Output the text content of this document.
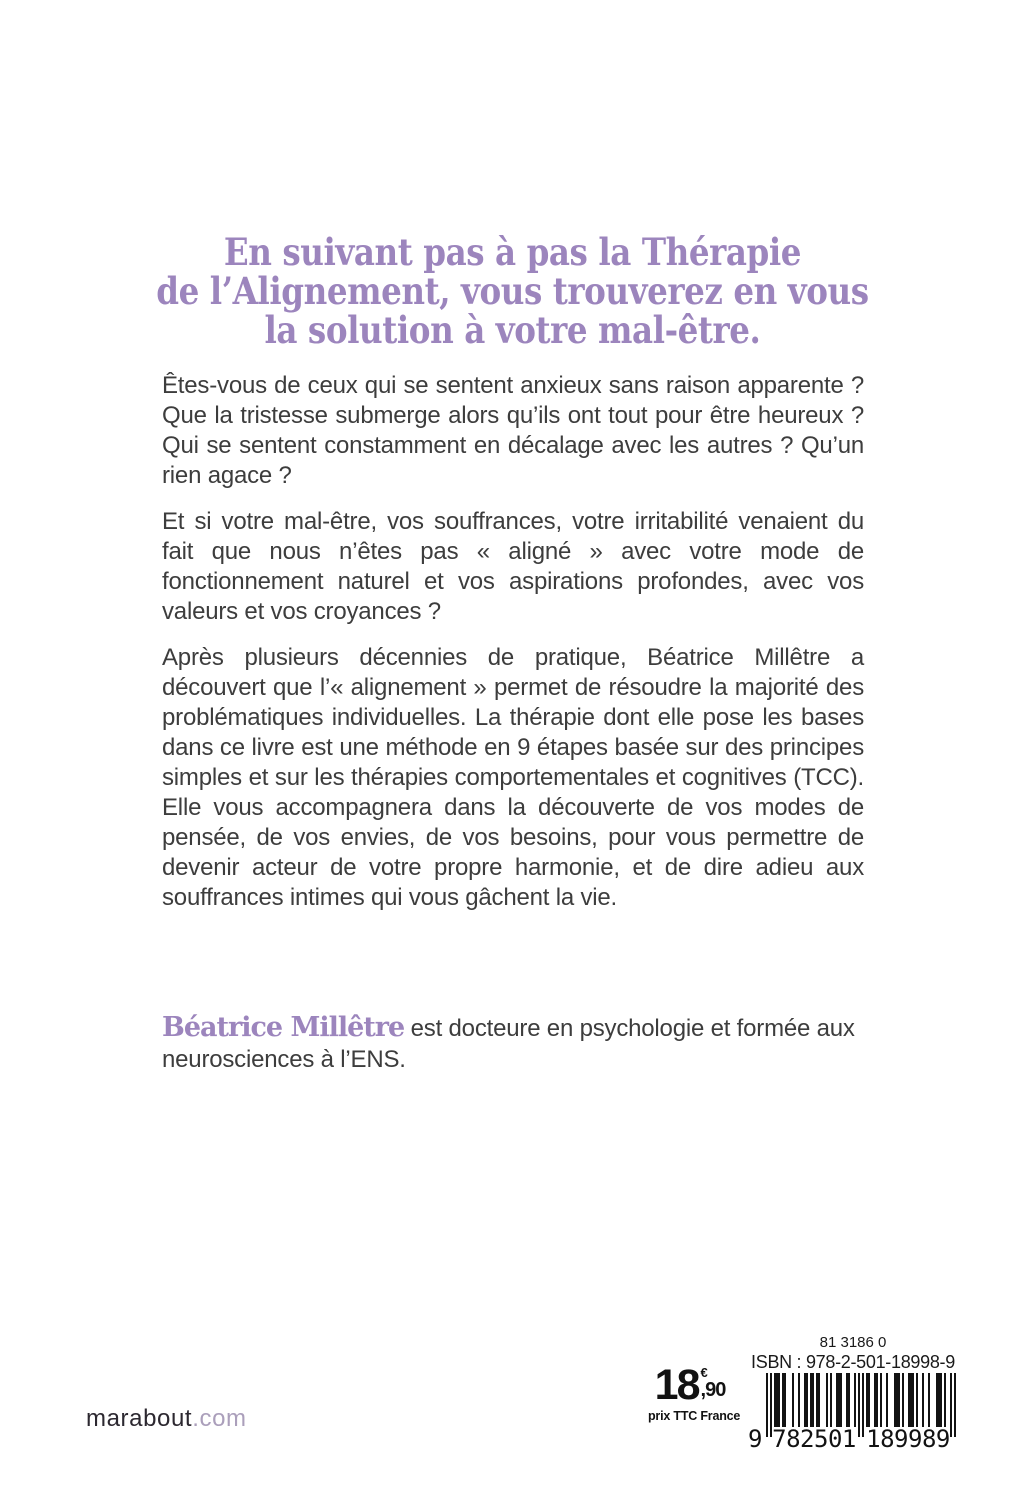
En suivant pas à pas la Thérapie
de l’Alignement, vous trouverez en vous
la solution à votre mal-être.

Êtes-vous de ceux qui se sentent anxieux sans raison apparente ? Que la tristesse submerge alors qu’ils ont tout pour être heureux ? Qui se sentent constamment en décalage avec les autres ? Qu’un rien agace ?

Et si votre mal-être, vos souffrances, votre irritabilité venaient du fait que nous n’êtes pas « aligné » avec votre mode de fonctionnement naturel et vos aspirations profondes, avec vos valeurs et vos croyances ?

Après plusieurs décennies de pratique, Béatrice Millêtre a découvert que l’« alignement » permet de résoudre la majorité des problématiques individuelles. La thérapie dont elle pose les bases dans ce livre est une méthode en 9 étapes basée sur des principes simples et sur les thérapies comportementales et cognitives (TCC). Elle vous accompagnera dans la découverte de vos modes de pensée, de vos envies, de vos besoins, pour vous permettre de devenir acteur de votre propre harmonie, et de dire adieu aux souffrances intimes qui vous gâchent la vie.

Béatrice Millêtre est docteure en psychologie et formée aux neurosciences à l’ENS.

marabout.com
18 €
,90
prix TTC France
81 3186 0
ISBN : 978-2-501-18998-9
9 782501 189989
